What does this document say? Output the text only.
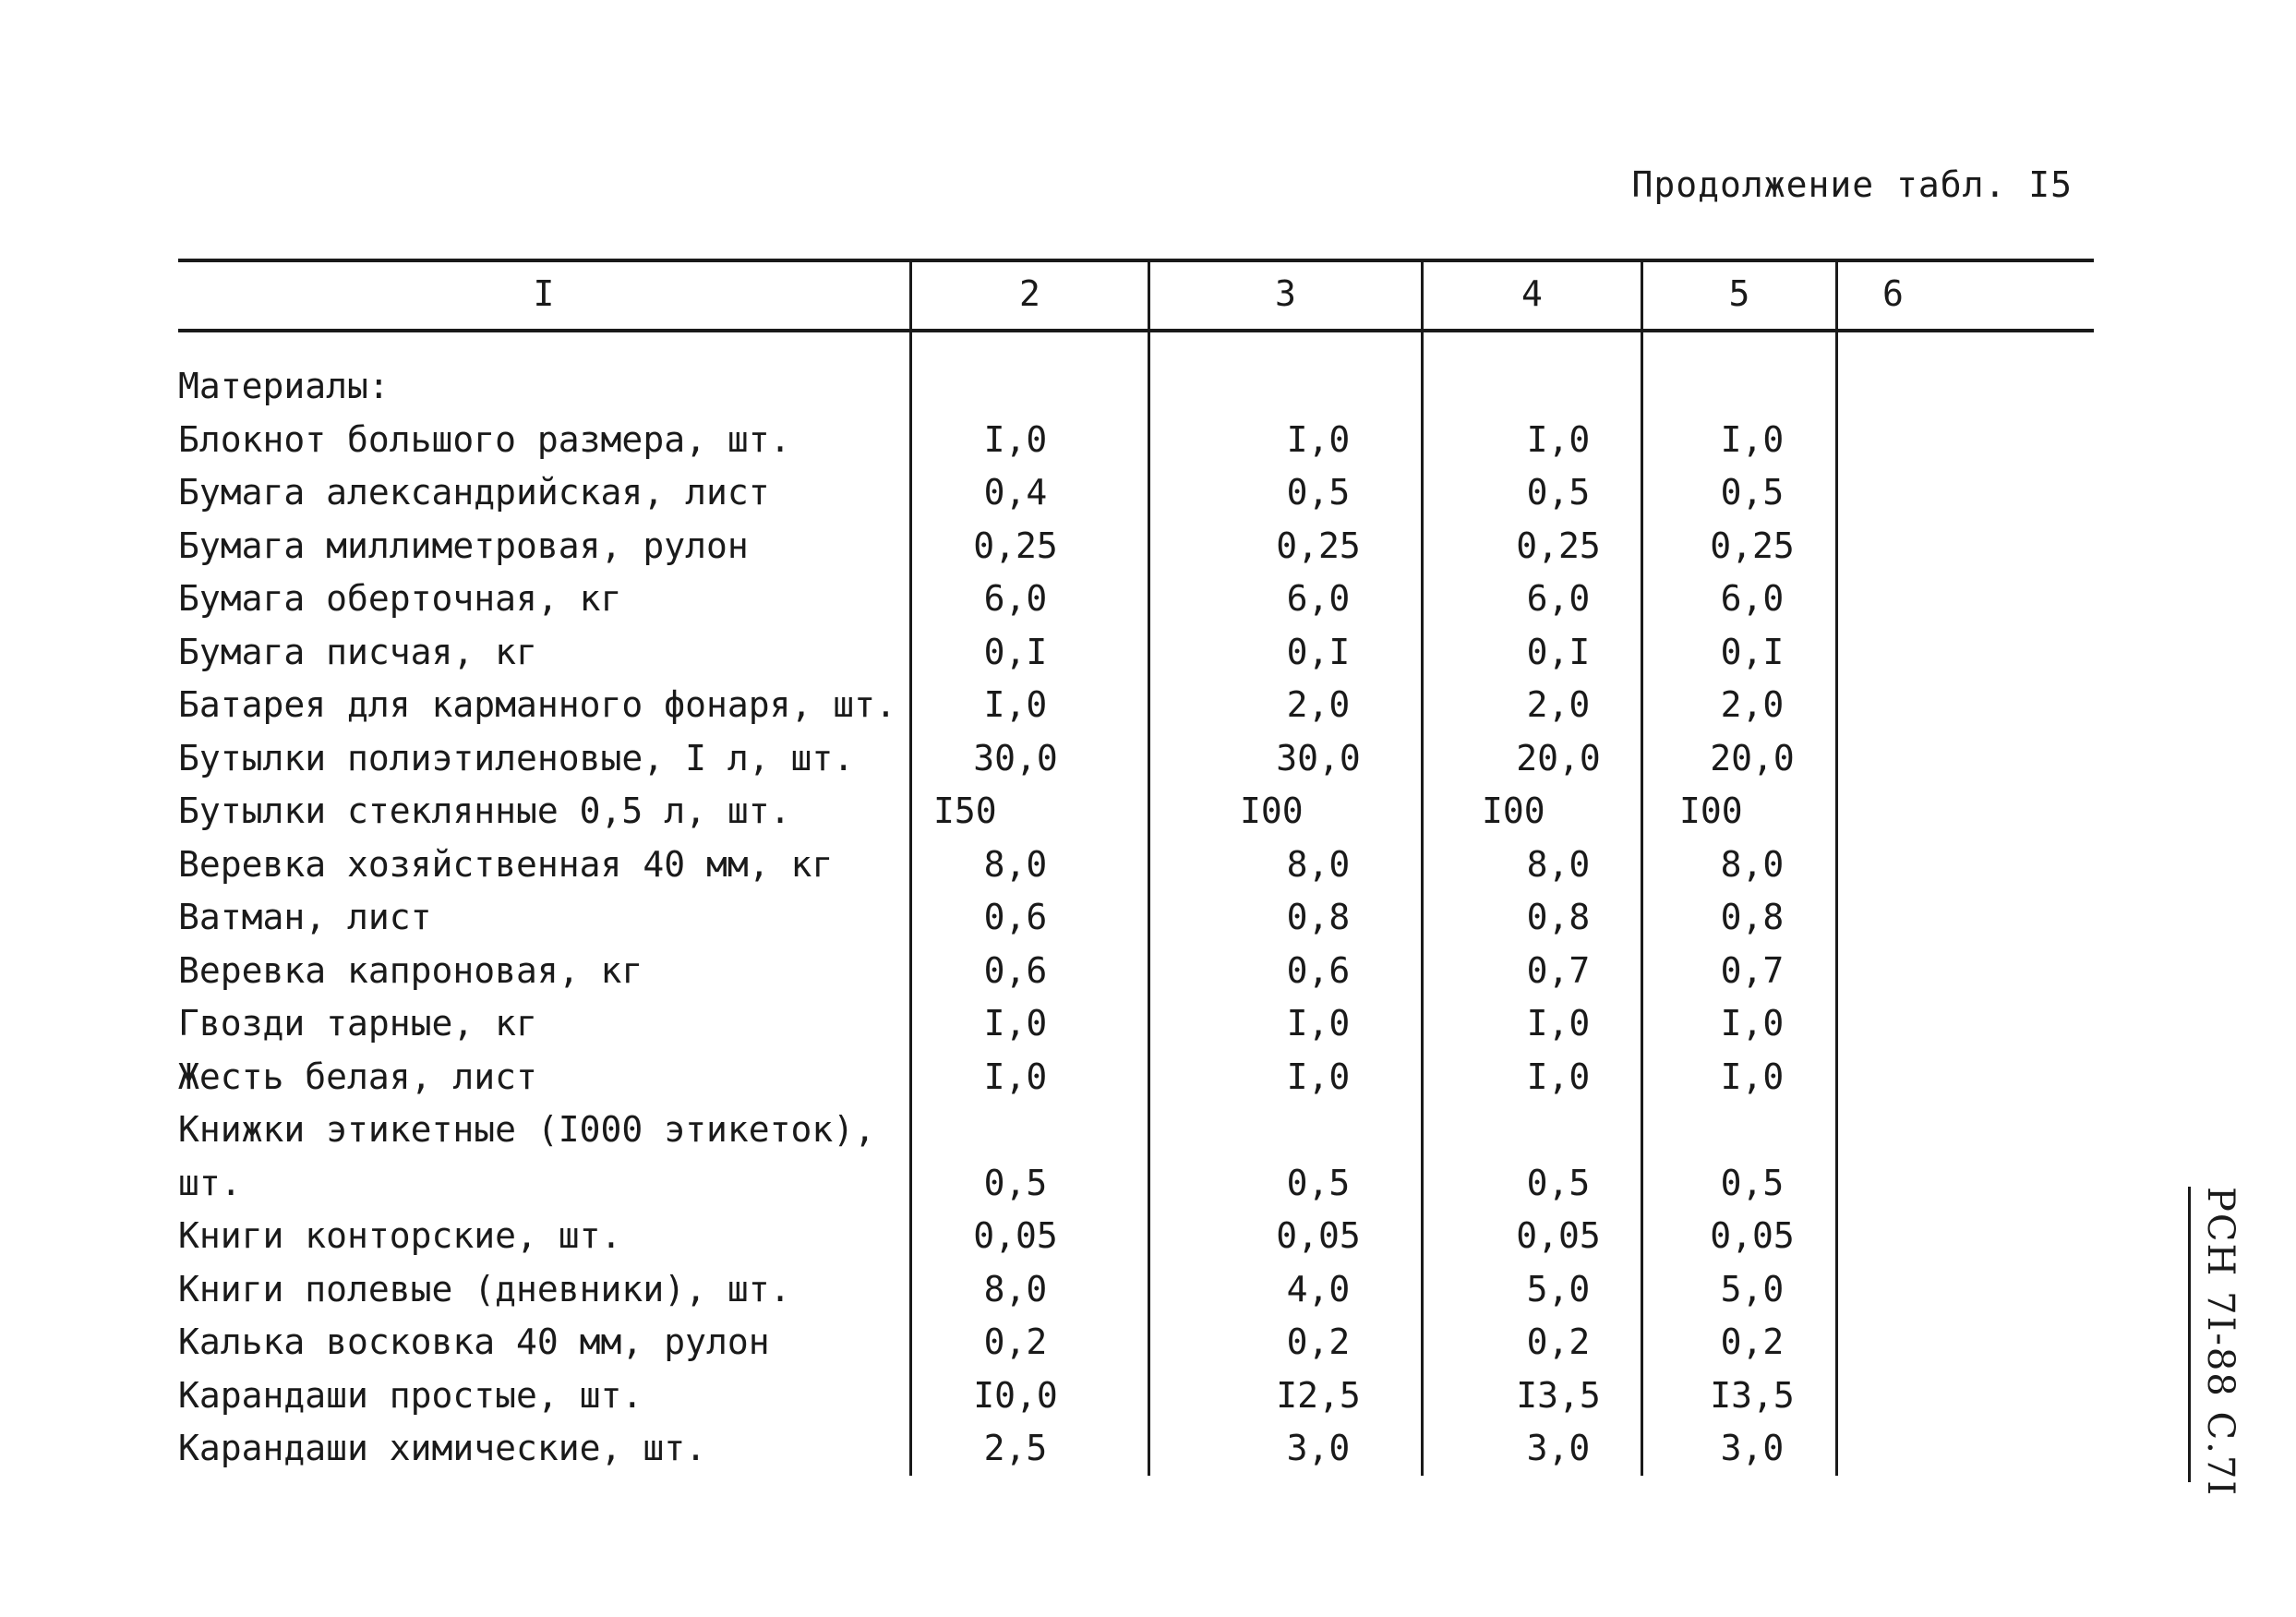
Продолжение табл. I5
I	2	3	4	5	6
Материалы:
Блокнот большого размера, шт.	I,0	I,0	I,0	I,0
Бумага александрийская, лист	0,4	0,5	0,5	0,5
Бумага миллиметровая, рулон	0,25	0,25	0,25	0,25
Бумага оберточная, кг	6,0	6,0	6,0	6,0
Бумага писчая, кг	0,I	0,I	0,I	0,I
Батарея для карманного фонаря, шт.	I,0	2,0	2,0	2,0
Бутылки полиэтиленовые, I л, шт.	30,0	30,0	20,0	20,0
Бутылки стеклянные 0,5 л, шт.	I50	I00	I00	I00
Веревка хозяйственная 40 мм, кг	8,0	8,0	8,0	8,0
Ватман, лист	0,6	0,8	0,8	0,8
Веревка капроновая, кг	0,6	0,6	0,7	0,7
Гвозди тарные, кг	I,0	I,0	I,0	I,0
Жесть белая, лист	I,0	I,0	I,0	I,0
Книжки этикетные (I000 этикеток),
шт.	0,5	0,5	0,5	0,5
Книги конторские, шт.	0,05	0,05	0,05	0,05
Книги полевые (дневники), шт.	8,0	4,0	5,0	5,0
Калька восковка 40 мм, рулон	0,2	0,2	0,2	0,2
Карандаши простые, шт.	I0,0	I2,5	I3,5	I3,5
Карандаши химические, шт.	2,5	3,0	3,0	3,0	РСН 7I-88 С.7I
